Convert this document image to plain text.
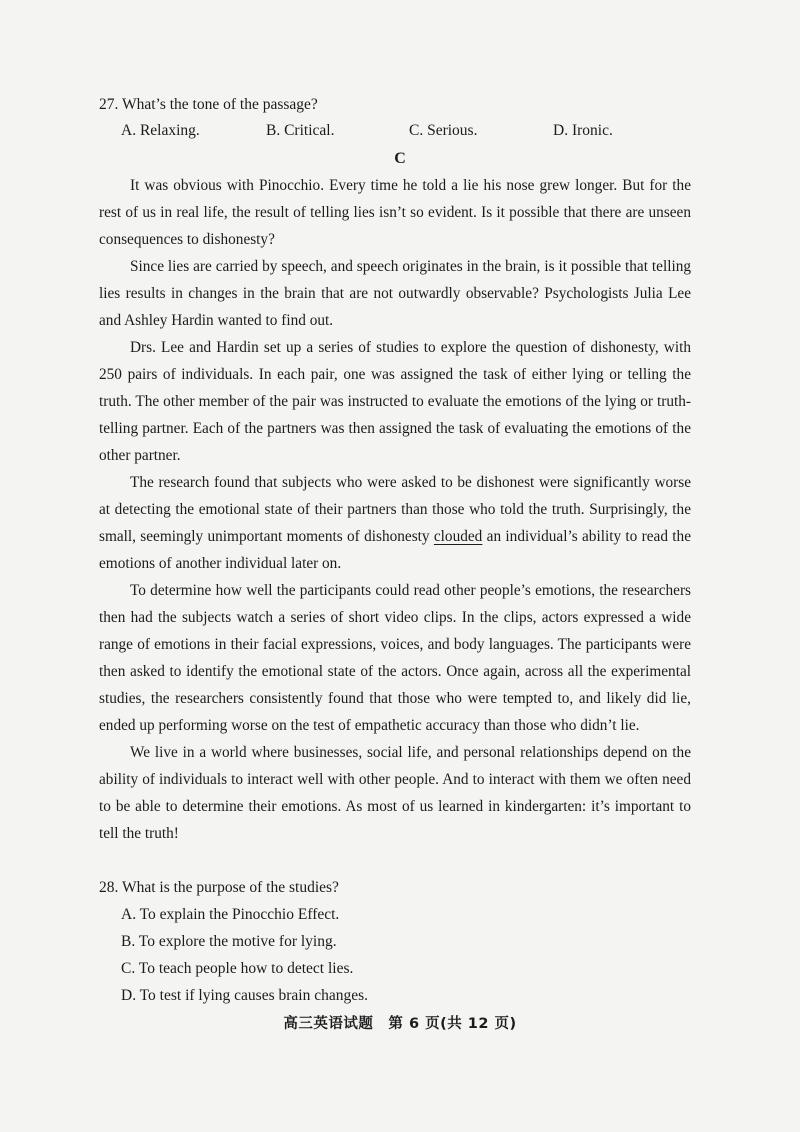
27. What’s the tone of the passage?
A. Relaxing.	B. Critical.	C. Serious.	D. Ironic.
C

It was obvious with Pinocchio. Every time he told a lie his nose grew longer. But for the rest of us in real life, the result of telling lies isn’t so evident. Is it possible that there are unseen consequences to dishonesty?

Since lies are carried by speech, and speech originates in the brain, is it possible that telling lies results in changes in the brain that are not outwardly observable? Psychologists Julia Lee and Ashley Hardin wanted to find out.

Drs. Lee and Hardin set up a series of studies to explore the question of dishonesty, with 250 pairs of individuals. In each pair, one was assigned the task of either lying or telling the truth. The other member of the pair was instructed to evaluate the emotions of the lying or truth-telling partner. Each of the partners was then assigned the task of evaluating the emotions of the other partner.

The research found that subjects who were asked to be dishonest were significantly worse at detecting the emotional state of their partners than those who told the truth. Surprisingly, the small, seemingly unimportant moments of dishonesty clouded an individual’s ability to read the emotions of another individual later on.

To determine how well the participants could read other people’s emotions, the researchers then had the subjects watch a series of short video clips. In the clips, actors expressed a wide range of emotions in their facial expressions, voices, and body languages. The participants were then asked to identify the emotional state of the actors. Once again, across all the experimental studies, the researchers consistently found that those who were tempted to, and likely did lie, ended up performing worse on the test of empathetic accuracy than those who didn’t lie.

We live in a world where businesses, social life, and personal relationships depend on the ability of individuals to interact well with other people. And to interact with them we often need to be able to determine their emotions. As most of us learned in kindergarten: it’s important to tell the truth!

28. What is the purpose of the studies?
A. To explain the Pinocchio Effect.
B. To explore the motive for lying.
C. To teach people how to detect lies.
D. To test if lying causes brain changes.
高三英语试题　第 6 页(共 12 页)
